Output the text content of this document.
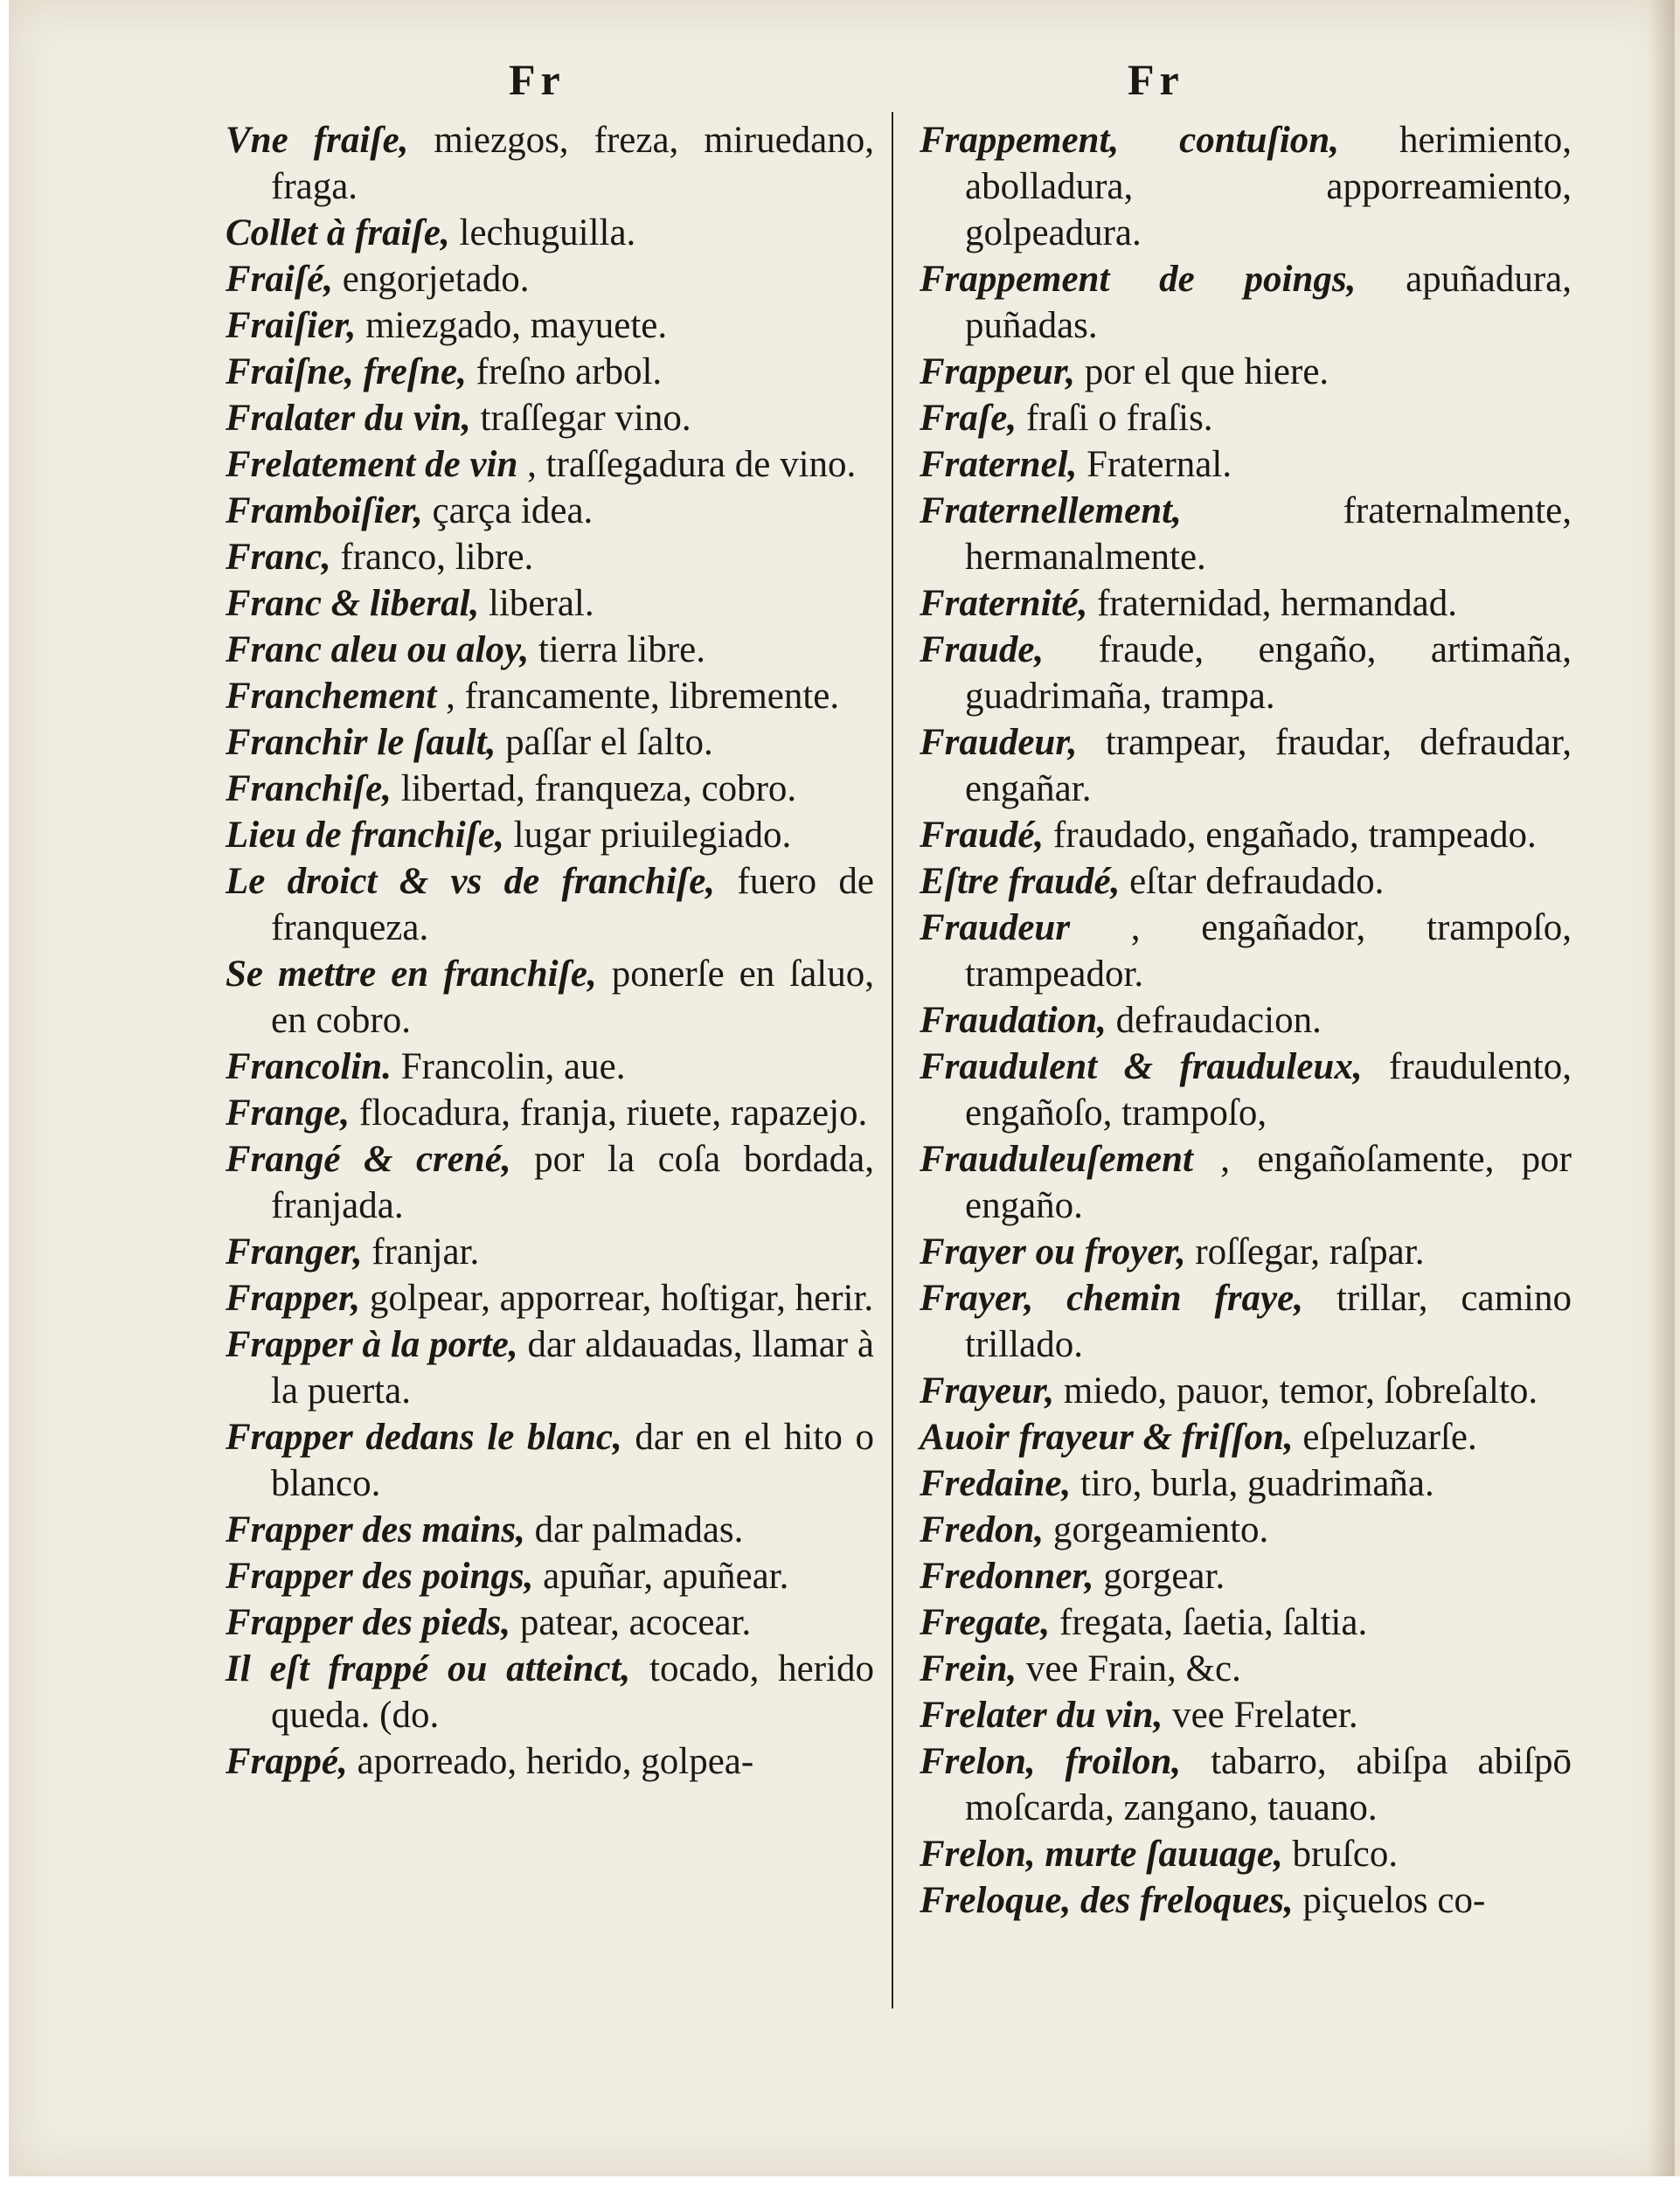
Fr	Fr

Vne fraiſe, miezgos, freza, miruedano, fraga.

Collet à fraiſe, lechuguilla.

Fraiſé, engorjetado.

Fraiſier, miezgado, mayuete.

Fraiſne, freſne, freſno arbol.

Fralater du vin, traſſegar vino.

Frelatement de vin , traſſegadura de vino.

Framboiſier, çarça idea.

Franc, franco, libre.

Franc & liberal, liberal.

Franc aleu ou aloy, tierra libre.

Franchement , francamente, libremente.

Franchir le ſault, paſſar el ſalto.

Franchiſe, libertad, franqueza, cobro.

Lieu de franchiſe, lugar priuilegiado.

Le droict & vs de franchiſe, fuero de franqueza.

Se mettre en franchiſe, ponerſe en ſaluo, en cobro.

Francolin. Francolin, aue.

Frange, flocadura, franja, riuete, rapazejo.

Frangé & crené, por la coſa bordada, franjada.

Franger, franjar.

Frapper, golpear, apporrear, hoſtigar, herir.

Frapper à la porte, dar aldauadas, llamar à la puerta.

Frapper dedans le blanc, dar en el hito o blanco.

Frapper des mains, dar palmadas.

Frapper des poings, apuñar, apuñear.

Frapper des pieds, patear, acocear.

Il eſt frappé ou atteinct, tocado, herido queda. (do.

Frappé, aporreado, herido, golpea-

Frappement, contuſion, herimiento, abolladura, apporreamiento, golpeadura.

Frappement de poings, apuñadura, puñadas.

Frappeur, por el que hiere.

Fraſe, fraſi o fraſis.

Fraternel, Fraternal.

Fraternellement, fraternalmente, hermanalmente.

Fraternité, fraternidad, hermandad.

Fraude, fraude, engaño, artimaña, guadrimaña, trampa.

Fraudeur, trampear, fraudar, defraudar, engañar.

Fraudé, fraudado, engañado, trampeado.

Eſtre fraudé, eſtar defraudado.

Fraudeur , engañador, trampoſo, trampeador.

Fraudation, defraudacion.

Fraudulent & frauduleux, fraudulento, engañoſo, trampoſo,

Frauduleuſement , engañoſamente, por engaño.

Frayer ou froyer, roſſegar, raſpar.

Frayer, chemin fraye, trillar, camino trillado.

Frayeur, miedo, pauor, temor, ſobreſalto.

Auoir frayeur & friſſon, eſpeluzarſe.

Fredaine, tiro, burla, guadrimaña.

Fredon, gorgeamiento.

Fredonner, gorgear.

Fregate, fregata, ſaetia, ſaltia.

Frein, vee Frain, &c.

Frelater du vin, vee Frelater.

Frelon, froilon, tabarro, abiſpa abiſpō moſcarda, zangano, tauano.

Frelon, murte ſauuage, bruſco.

Freloque, des freloques, piçuelos co-
